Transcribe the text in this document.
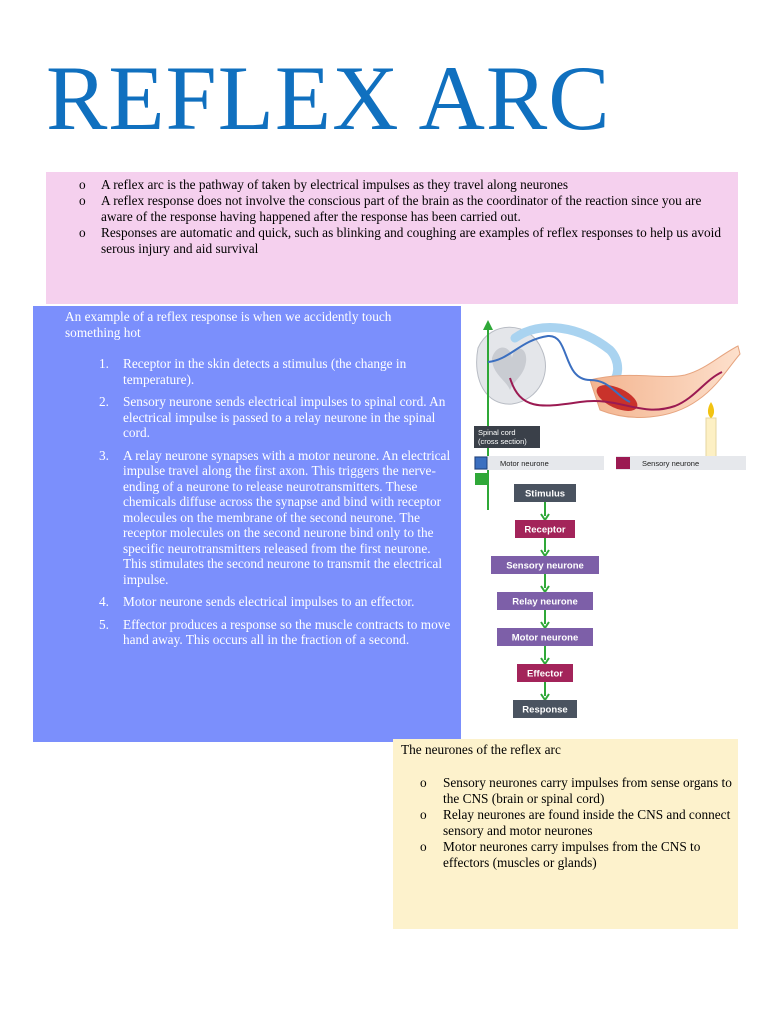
REFLEX ARC
o A reflex arc is the pathway of taken by electrical impulses as they travel along neurones
o A reflex response does not involve the conscious part of the brain as the coordinator of the reaction since you are aware of the response having happened after the response has been carried out.
o Responses are automatic and quick, such as blinking and coughing are examples of reflex responses to help us avoid serous injury and aid survival

An example of a reflex response is when we accidently touch something hot

1. Receptor in the skin detects a stimulus (the change in temperature).
2. Sensory neurone sends electrical impulses to spinal cord. An electrical impulse is passed to a relay neurone in the spinal cord.
3. A relay neurone synapses with a motor neurone. An electrical impulse travel along the first axon. This triggers the nerve-ending of a neurone to release neurotransmitters. These chemicals diffuse across the synapse and bind with receptor molecules on the membrane of the second neurone. The receptor molecules on the second neurone bind only to the specific neurotransmitters released from the first neurone. This stimulates the second neurone to transmit the electrical impulse.
4. Motor neurone sends electrical impulses to an effector.
5. Effector produces a response so the muscle contracts to move hand away. This occurs all in the fraction of a second.
Spinal cord
(cross section)
Motor neurone	Sensory neurone
Stimulus
Receptor
Sensory neurone
Relay neurone
Motor neurone
Effector
Response

The neurones of the reflex arc

o Sensory neurones carry impulses from sense organs to the CNS (brain or spinal cord)
o Relay neurones are found inside the CNS and connect sensory and motor neurones
o Motor neurones carry impulses from the CNS to effectors (muscles or glands)
